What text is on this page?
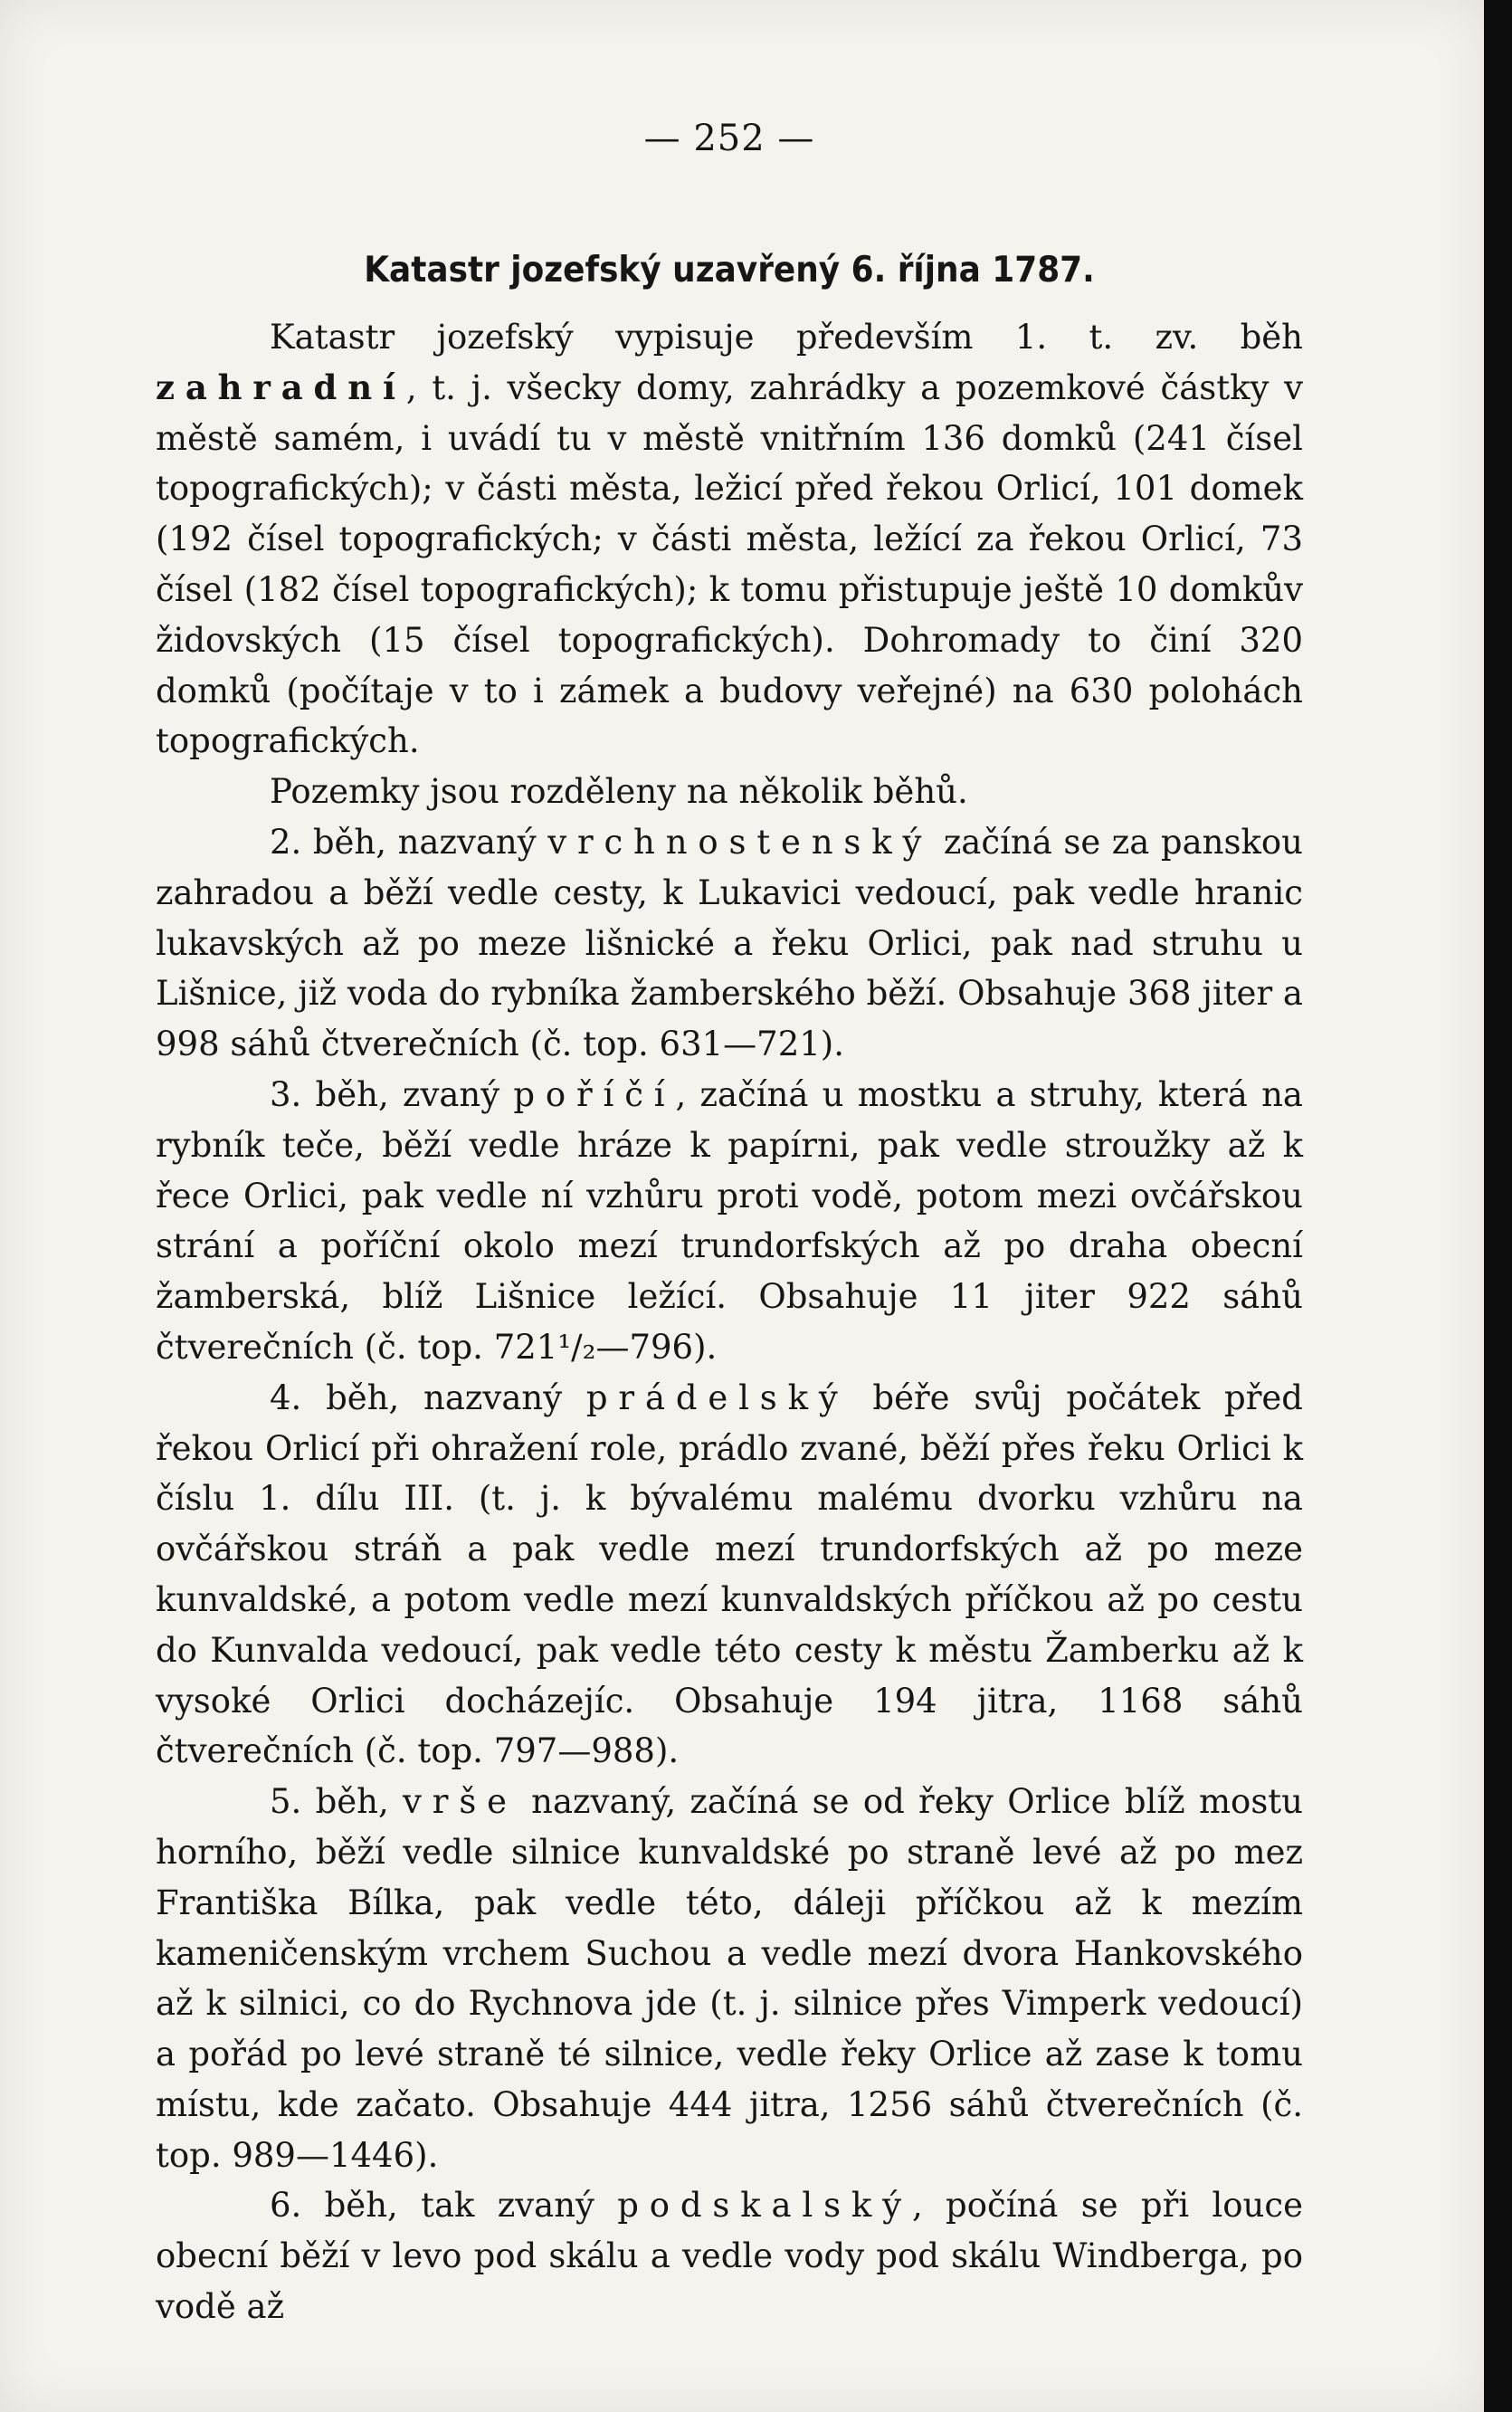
— 252 —
Katastr jozefský uzavřený 6. října 1787.

Katastr jozefský vypisuje především 1. t. zv. běh zahradní, t. j. všecky domy, zahrádky a pozemkové částky v městě samém, i uvádí tu v městě vnitřním 136 domků (241 čísel topografických); v části města, ležicí před řekou Orlicí, 101 domek (192 čísel topografických; v části města, ležící za řekou Orlicí, 73 čísel (182 čísel topografických); k tomu přistupuje ještě 10 domkův židovských (15 čísel topografických). Dohromady to činí 320 domků (počítaje v to i zámek a budovy veřejné) na 630 polohách topografických.

Pozemky jsou rozděleny na několik běhů.

2. běh, nazvaný vrchnostenský začíná se za panskou zahradou a běží vedle cesty, k Lukavici vedoucí, pak vedle hranic lukavských až po meze lišnické a řeku Orlici, pak nad struhu u Lišnice, již voda do rybníka žamberského běží. Obsahuje 368 jiter a 998 sáhů čtverečních (č. top. 631—721).

3. běh, zvaný poříčí, začíná u mostku a struhy, která na rybník teče, běží vedle hráze k papírni, pak vedle stroužky až k řece Orlici, pak vedle ní vzhůru proti vodě, potom mezi ovčářskou strání a poříční okolo mezí trundorfských až po draha obecní žamberská, blíž Lišnice ležící. Obsahuje 11 jiter 922 sáhů čtverečních (č. top. 721¹/₂—796).

4. běh, nazvaný prádelský béře svůj počátek před řekou Orlicí při ohražení role, prádlo zvané, běží přes řeku Orlici k číslu 1. dílu III. (t. j. k bývalému malému dvorku vzhůru na ovčářskou stráň a pak vedle mezí trundorfských až po meze kunvaldské, a potom vedle mezí kunvaldských příčkou až po cestu do Kunvalda vedoucí, pak vedle této cesty k městu Žamberku až k vysoké Orlici docházejíc. Obsahuje 194 jitra, 1168 sáhů čtverečních (č. top. 797—988).

5. běh, vrše nazvaný, začíná se od řeky Orlice blíž mostu horního, běží vedle silnice kunvaldské po straně levé až po mez Františka Bílka, pak vedle této, dáleji příčkou až k mezím kameničenským vrchem Suchou a vedle mezí dvora Hankovského až k silnici, co do Rychnova jde (t. j. silnice přes Vimperk vedoucí) a pořád po levé straně té silnice, vedle řeky Orlice až zase k tomu místu, kde začato. Obsahuje 444 jitra, 1256 sáhů čtverečních (č. top. 989—1446).

6. běh, tak zvaný podskalský, počíná se při louce obecní běží v levo pod skálu a vedle vody pod skálu Windberga, po vodě až
